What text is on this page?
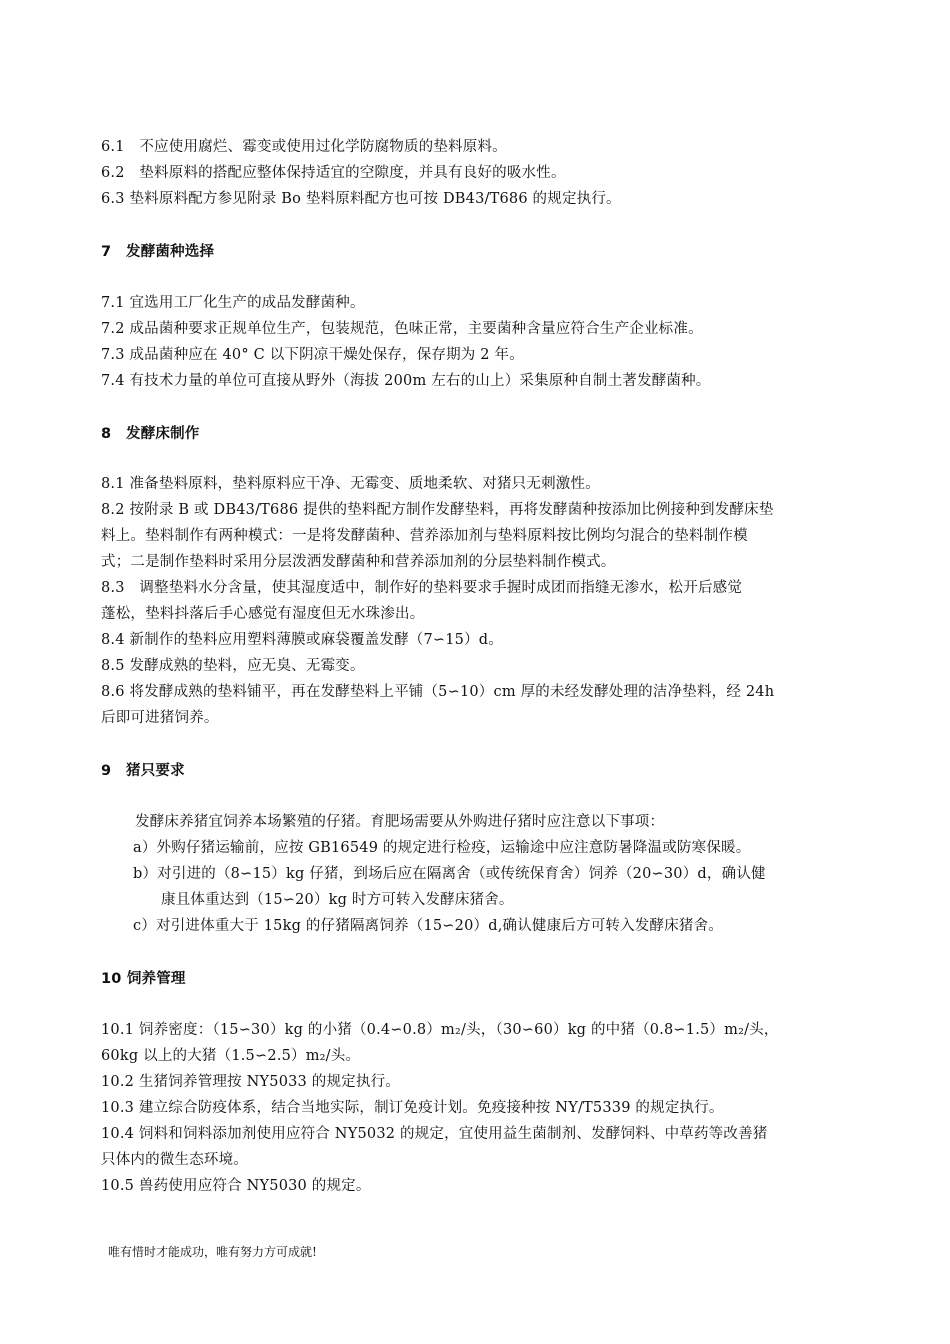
6.1　不应使用腐烂、霉变或使用过化学防腐物质的垫料原料。
6.2　垫料原料的搭配应整体保持适宜的空隙度，并具有良好的吸水性。
6.3 垫料原料配方参见附录 Bo 垫料原料配方也可按 DB43/T686 的规定执行。
7　发酵菌种选择
7.1 宜选用工厂化生产的成品发酵菌种。
7.2 成品菌种要求正规单位生产，包装规范，色味正常，主要菌种含量应符合生产企业标准。
7.3 成品菌种应在 40° C 以下阴凉干燥处保存，保存期为 2 年。
7.4 有技术力量的单位可直接从野外（海拔 200m 左右的山上）采集原种自制土著发酵菌种。
8　发酵床制作
8.1 准备垫料原料，垫料原料应干净、无霉变、质地柔软、对猪只无刺激性。
8.2 按附录 B 或 DB43/T686 提供的垫料配方制作发酵垫料，再将发酵菌种按添加比例接种到发酵床垫
料上。垫料制作有两种模式：一是将发酵菌种、营养添加剂与垫料原料按比例均匀混合的垫料制作模
式；二是制作垫料时采用分层泼洒发酵菌种和营养添加剂的分层垫料制作模式。
8.3　调整垫料水分含量，使其湿度适中，制作好的垫料要求手握时成团而指缝无渗水，松开后感觉
蓬松，垫料抖落后手心感觉有湿度但无水珠渗出。
8.4 新制作的垫料应用塑料薄膜或麻袋覆盖发酵（7∽15）d。
8.5 发酵成熟的垫料，应无臭、无霉变。
8.6 将发酵成熟的垫料铺平，再在发酵垫料上平铺（5∽10）cm 厚的未经发酵处理的洁净垫料，经 24h
后即可进猪饲养。
9　猪只要求
发酵床养猪宜饲养本场繁殖的仔猪。育肥场需要从外购进仔猪时应注意以下事项：
a）外购仔猪运输前，应按 GB16549 的规定进行检疫，运输途中应注意防暑降温或防寒保暖。
b）对引进的（8∽15）kg 仔猪，到场后应在隔离舍（或传统保育舍）饲养（20∽30）d，确认健
康且体重达到（15∽20）kg 时方可转入发酵床猪舍。
c）对引进体重大于 15kg 的仔猪隔离饲养（15∽20）d,确认健康后方可转入发酵床猪舍。
10 饲养管理
10.1 饲养密度：（15∽30）kg 的小猪（0.4∽0.8）m₂/头，（30∽60）kg 的中猪（0.8∽1.5）m₂/头，
60kg 以上的大猪（1.5∽2.5）m₂/头。
10.2 生猪饲养管理按 NY5033 的规定执行。
10.3 建立综合防疫体系，结合当地实际，制订免疫计划。免疫接种按 NY/T5339 的规定执行。
10.4 饲料和饲料添加剂使用应符合 NY5032 的规定，宜使用益生菌制剂、发酵饲料、中草药等改善猪
只体内的微生态环境。
10.5 兽药使用应符合 NY5030 的规定。
唯有惜时才能成功，唯有努力方可成就!
